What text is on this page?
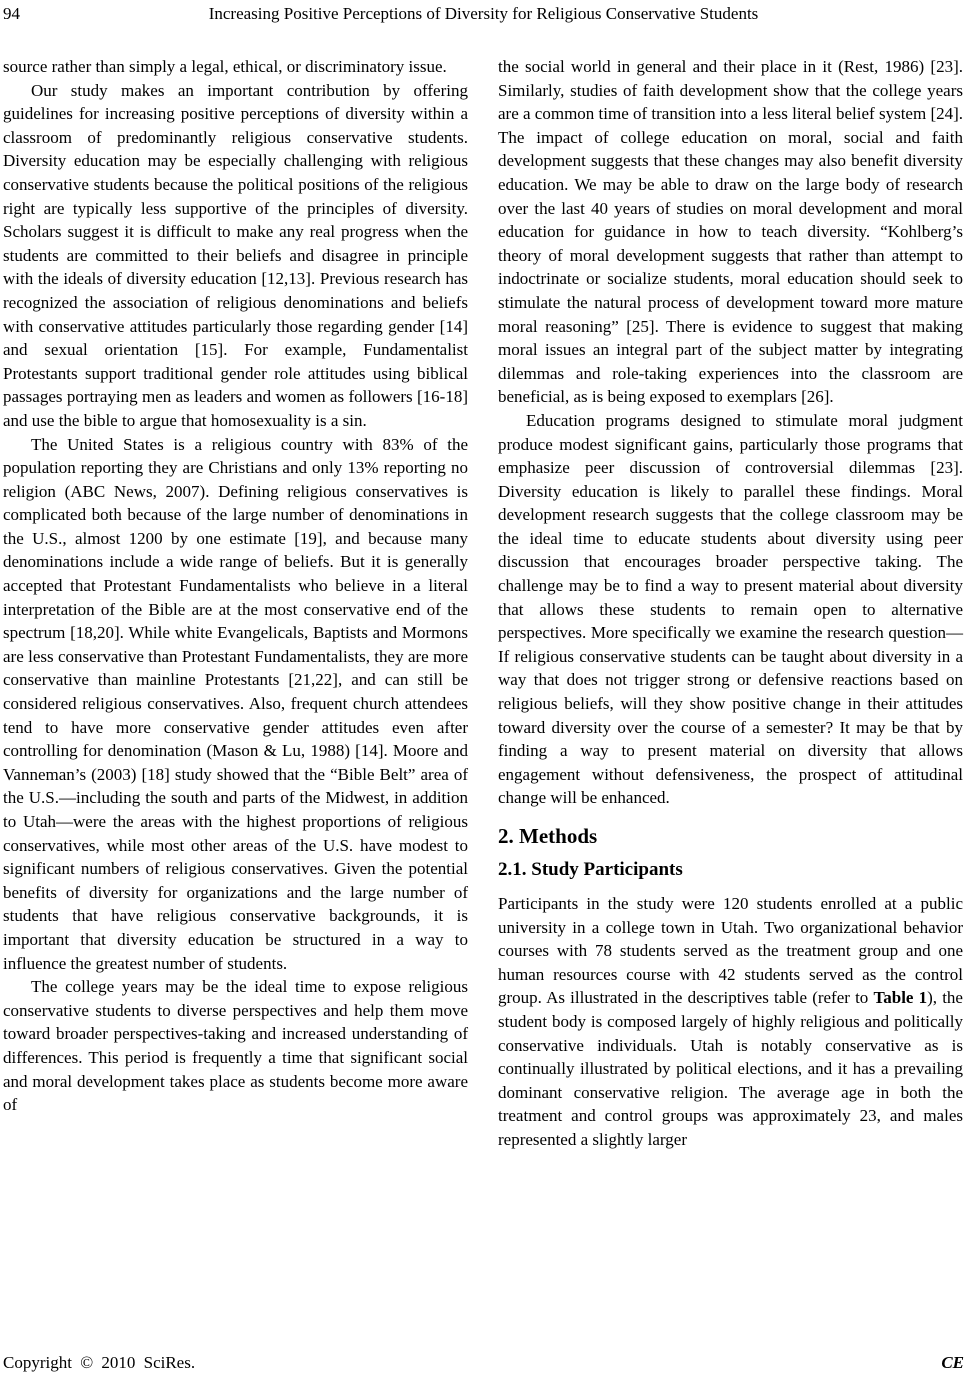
94	Increasing Positive Perceptions of Diversity for Religious Conservative Students

source rather than simply a legal, ethical, or discriminatory issue.

Our study makes an important contribution by offering guidelines for increasing positive perceptions of diversity within a classroom of predominantly religious conservative students. Diversity education may be especially challenging with religious conservative students because the political positions of the religious right are typically less supportive of the principles of diversity. Scholars suggest it is difficult to make any real progress when the students are committed to their beliefs and disagree in principle with the ideals of diversity education [12,13]. Previous research has recognized the association of religious denominations and beliefs with conservative attitudes particularly those regarding gender [14] and sexual orientation [15]. For example, Fundamentalist Protestants support traditional gender role attitudes using biblical passages portraying men as leaders and women as followers [16-18] and use the bible to argue that homosexuality is a sin.

The United States is a religious country with 83% of the population reporting they are Christians and only 13% reporting no religion (ABC News, 2007). Defining religious conservatives is complicated both because of the large number of denominations in the U.S., almost 1200 by one estimate [19], and because many denominations include a wide range of beliefs. But it is generally accepted that Protestant Fundamentalists who believe in a literal interpretation of the Bible are at the most conservative end of the spectrum [18,20]. While white Evangelicals, Baptists and Mormons are less conservative than Protestant Fundamentalists, they are more conservative than mainline Protestants [21,22], and can still be considered religious conservatives. Also, frequent church attendees tend to have more conservative gender attitudes even after controlling for denomination (Mason & Lu, 1988) [14]. Moore and Vanneman’s (2003) [18] study showed that the “Bible Belt” area of the U.S.—including the south and parts of the Midwest, in addition to Utah—were the areas with the highest proportions of religious conservatives, while most other areas of the U.S. have modest to significant numbers of religious conservatives. Given the potential benefits of diversity for organizations and the large number of students that have religious conservative backgrounds, it is important that diversity education be structured in a way to influence the greatest number of students.

The college years may be the ideal time to expose religious conservative students to diverse perspectives and help them move toward broader perspectives-taking and increased understanding of differences. This period is frequently a time that significant social and moral development takes place as students become more aware of

the social world in general and their place in it (Rest, 1986) [23]. Similarly, studies of faith development show that the college years are a common time of transition into a less literal belief system [24]. The impact of college education on moral, social and faith development suggests that these changes may also benefit diversity education. We may be able to draw on the large body of research over the last 40 years of studies on moral development and moral education for guidance in how to teach diversity. “Kohlberg’s theory of moral development suggests that rather than attempt to indoctrinate or socialize students, moral education should seek to stimulate the natural process of development toward more mature moral reasoning” [25]. There is evidence to suggest that making moral issues an integral part of the subject matter by integrating dilemmas and role-taking experiences into the classroom are beneficial, as is being exposed to exemplars [26].

Education programs designed to stimulate moral judgment produce modest significant gains, particularly those programs that emphasize peer discussion of controversial dilemmas [23]. Diversity education is likely to parallel these findings. Moral development research suggests that the college classroom may be the ideal time to educate students about diversity using peer discussion that encourages broader perspective taking. The challenge may be to find a way to present material about diversity that allows these students to remain open to alternative perspectives. More specifically we examine the research question—If religious conservative students can be taught about diversity in a way that does not trigger strong or defensive reactions based on religious beliefs, will they show positive change in their attitudes toward diversity over the course of a semester? It may be that by finding a way to present material on diversity that allows engagement without defensiveness, the prospect of attitudinal change will be enhanced.

2. Methods
2.1. Study Participants

Participants in the study were 120 students enrolled at a public university in a college town in Utah. Two organizational behavior courses with 78 students served as the treatment group and one human resources course with 42 students served as the control group. As illustrated in the descriptives table (refer to Table 1), the student body is composed largely of highly religious and politically conservative individuals. Utah is notably conservative as is continually illustrated by political elections, and it has a prevailing dominant conservative religion. The average age in both the treatment and control groups was approximately 23, and males represented a slightly larger

Copyright © 2010 SciRes.	CE
